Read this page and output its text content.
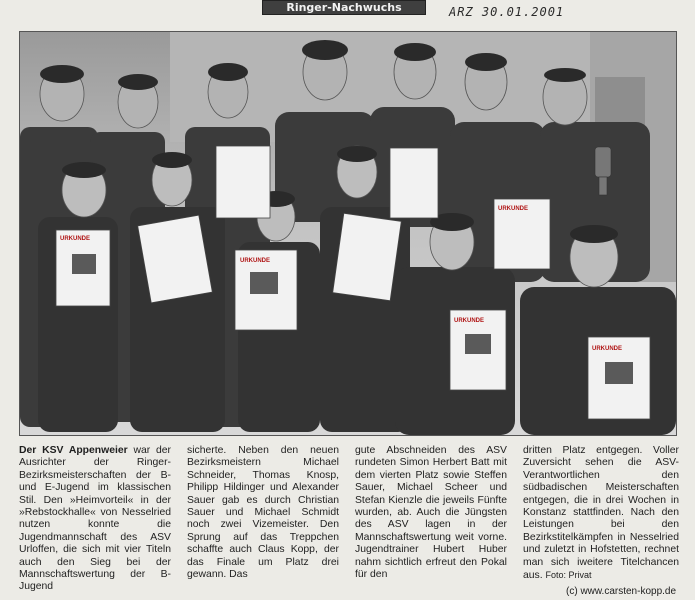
Ringer-Nachwuchs	ARZ 30.01.2001
URKUNDE
URKUNDE
URKUNDE
URKUNDE
URKUNDE
Der KSV Appenweier war der Ausrichter der Ringer-Bezirksmeisterschaften der B- und E-Jugend im klassischen Stil. Den »Heimvorteil« in der »Rebstockhalle« von Nesselried nutzen konnte die Jugendmannschaft des ASV Urloffen, die sich mit vier Titeln auch den Sieg bei der Mannschaftswertung der B-Jugend
sicherte. Neben den neuen Bezirksmeistern Michael Schneider, Thomas Knosp, Philipp Hildinger und Alexander Sauer gab es durch Christian Sauer und Michael Schmidt noch zwei Vizemeister. Den Sprung auf das Treppchen schaffte auch Claus Kopp, der das Finale um Platz drei gewann. Das
gute Abschneiden des ASV rundeten Simon Herbert Batt mit dem vierten Platz sowie Steffen Sauer, Michael Scheer und Stefan Kienzle die jeweils Fünfte wurden, ab. Auch die Jüngsten des ASV lagen in der Mannschaftswertung weit vorne. Jugendtrainer Hubert Huber nahm sichtlich erfreut den Pokal für den
dritten Platz entgegen. Voller Zuversicht sehen die ASV-Verantwortlichen den südbadischen Meisterschaften entgegen, die in drei Wochen in Konstanz stattfinden. Nach den Leistungen bei den Bezirkstitelkämpfen in Nesselried und zuletzt in Hofstetten, rechnet man sich iweitere Titelchancen aus. Foto: Privat
(c) www.carsten-kopp.de
